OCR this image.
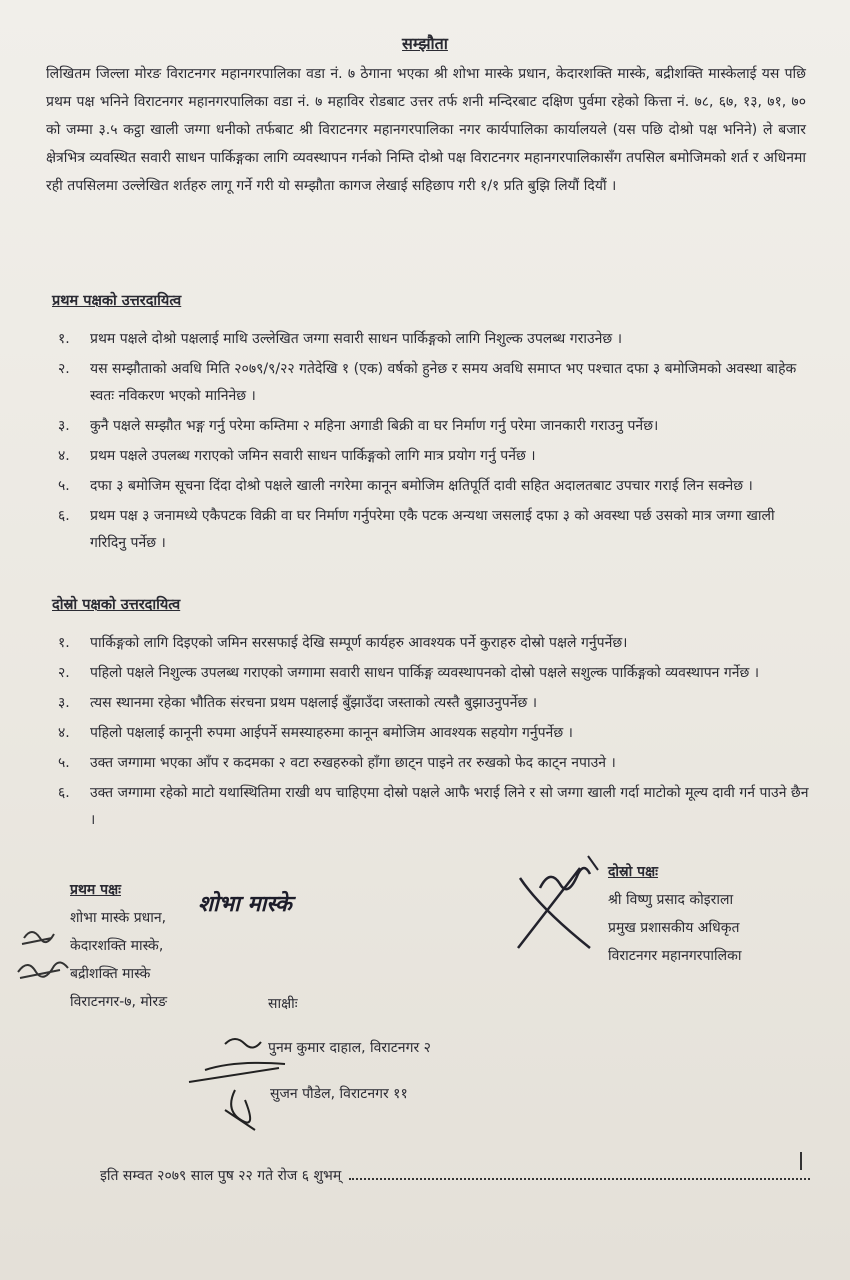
सम्झौता
लिखितम जिल्ला मोरङ विराटनगर महानगरपालिका वडा नं. ७ ठेगाना भएका श्री शोभा मास्के प्रधान, केदारशक्ति मास्के, बद्रीशक्ति मास्केलाई यस पछि प्रथम पक्ष भनिने विराटनगर महानगरपालिका वडा नं. ७ महाविर रोडबाट उत्तर तर्फ शनी मन्दिरबाट दक्षिण पुर्वमा रहेको कित्ता नं. ७८, ६७, १३, ७१, ७० को जम्मा ३.५ कट्ठा खाली जग्गा धनीको तर्फबाट श्री विराटनगर महानगरपालिका नगर कार्यपालिका कार्यालयले (यस पछि दोश्रो पक्ष भनिने) ले बजार क्षेत्रभित्र व्यवस्थित सवारी साधन पार्किङ्गका लागि व्यवस्थापन गर्नको निम्ति दोश्रो पक्ष विराटनगर महानगरपालिकासँग तपसिल बमोजिमको शर्त र अधिनमा रही तपसिलमा उल्लेखित शर्तहरु लागू गर्ने गरी यो सम्झौता कागज लेखाई सहिछाप गरी १/१ प्रति बुझि लियौं दियौं ।
प्रथम पक्षको उत्तरदायित्व
१.	प्रथम पक्षले दोश्रो पक्षलाई माथि उल्लेखित जग्गा सवारी साधन पार्किङ्गको लागि निशुल्क उपलब्ध गराउनेछ ।
२.	यस सम्झौताको अवधि मिति २०७९/९/२२ गतेदेखि १ (एक) वर्षको हुनेछ र समय अवधि समाप्त भए पश्चात दफा ३ बमोजिमको अवस्था बाहेक स्वतः नविकरण भएको मानिनेछ ।
३.	कुनै पक्षले सम्झौत भङ्ग गर्नु परेमा कम्तिमा २ महिना अगाडी बिक्री वा घर निर्माण गर्नु परेमा जानकारी गराउनु पर्नेछ।
४.	प्रथम पक्षले उपलब्ध गराएको जमिन सवारी साधन पार्किङ्गको लागि मात्र प्रयोग गर्नु पर्नेछ ।
५.	दफा ३ बमोजिम सूचना दिंदा दोश्रो पक्षले खाली नगरेमा कानून बमोजिम क्षतिपूर्ति दावी सहित अदालतबाट उपचार गराई लिन सक्नेछ ।
६.	प्रथम पक्ष ३ जनामध्ये एकैपटक विक्री वा घर निर्माण गर्नुपरेमा एकै पटक अन्यथा जसलाई दफा ३ को अवस्था पर्छ उसको मात्र जग्गा खाली गरिदिनु पर्नेछ ।
दोस्रो पक्षको उत्तरदायित्व
१.	पार्किङ्गको लागि दिइएको जमिन सरसफाई देखि सम्पूर्ण कार्यहरु आवश्यक पर्ने कुराहरु दोस्रो पक्षले गर्नुपर्नेछ।
२.	पहिलो पक्षले निशुल्क उपलब्ध गराएको जग्गामा सवारी साधन पार्किङ्ग व्यवस्थापनको दोस्रो पक्षले सशुल्क पार्किङ्गको व्यवस्थापन गर्नेछ ।
३.	त्यस स्थानमा रहेका भौतिक संरचना प्रथम पक्षलाई बुँझाउँदा जस्ताको त्यस्तै बुझाउनुपर्नेछ ।
४.	पहिलो पक्षलाई कानूनी रुपमा आईपर्ने समस्याहरुमा कानून बमोजिम आवश्यक सहयोग गर्नुपर्नेछ ।
५.	उक्त जग्गामा भएका आँप र कदमका २ वटा रुखहरुको हाँगा छाट्न पाइने तर रुखको फेद काट्न नपाउने ।
६.	उक्त जग्गामा रहेको माटो यथास्थितिमा राखी थप चाहिएमा दोस्रो पक्षले आफै भराई लिने र सो जग्गा खाली गर्दा माटोको मूल्य दावी गर्न पाउने छैन ।
प्रथम पक्षः
शोभा मास्के प्रधान,
केदारशक्ति मास्के,
बद्रीशक्ति मास्के
विराटनगर-७, मोरङ
शोभा मास्के
दोस्रो पक्षः
श्री विष्णु प्रसाद कोइराला
प्रमुख प्रशासकीय अधिकृत
विराटनगर महानगरपालिका
साक्षीः
पुनम कुमार दाहाल, विराटनगर २
सुजन पौडेल, विराटनगर ११
इति सम्वत २०७९ साल पुष २२ गते रोज ६ शुभम्
